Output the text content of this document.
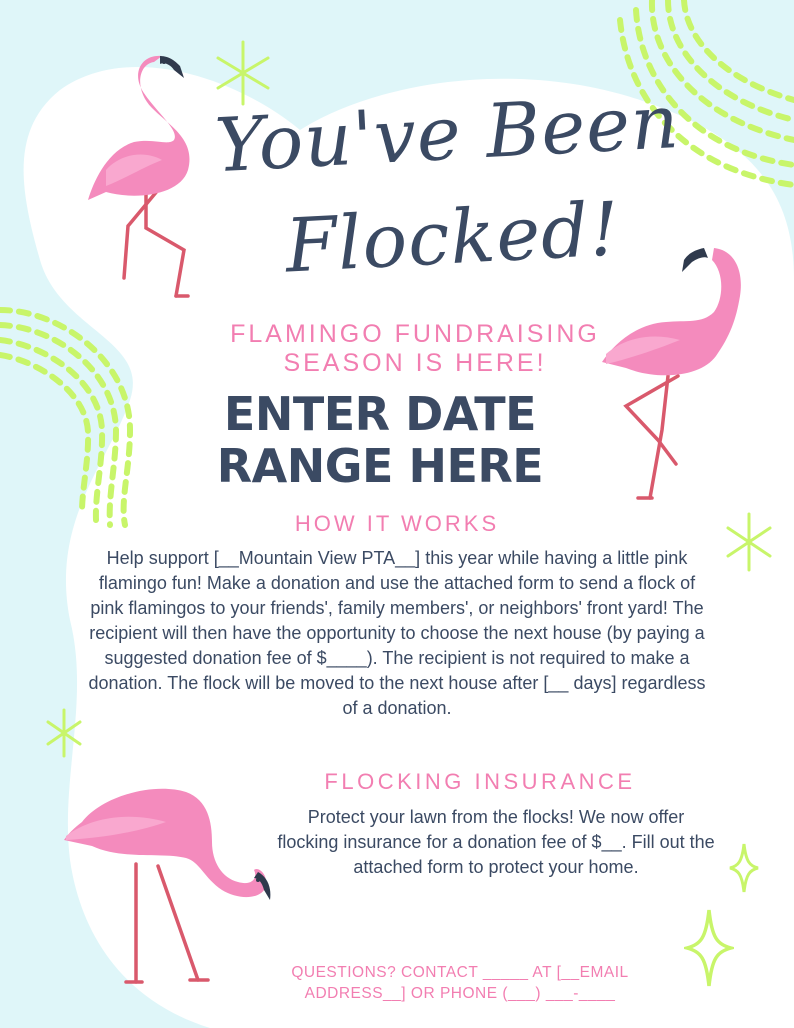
You've Been
Flocked!
FLAMINGO FUNDRAISING
SEASON IS HERE!
ENTER DATE
RANGE HERE
HOW IT WORKS
Help support [__Mountain View PTA__] this year while having a little pink flamingo fun! Make a donation and use the attached form to send a flock of pink flamingos to your friends', family members', or neighbors' front yard! The recipient will then have the opportunity to choose the next house (by paying a suggested donation fee of $____). The recipient is not required to make a donation. The flock will be moved to the next house after [__ days] regardless of a donation.
FLOCKING INSURANCE
Protect your lawn from the flocks! We now offer flocking insurance for a donation fee of $__. Fill out the attached form to protect your home.
QUESTIONS? CONTACT _____ AT [__EMAIL
ADDRESS__] OR PHONE (___) ___-____
